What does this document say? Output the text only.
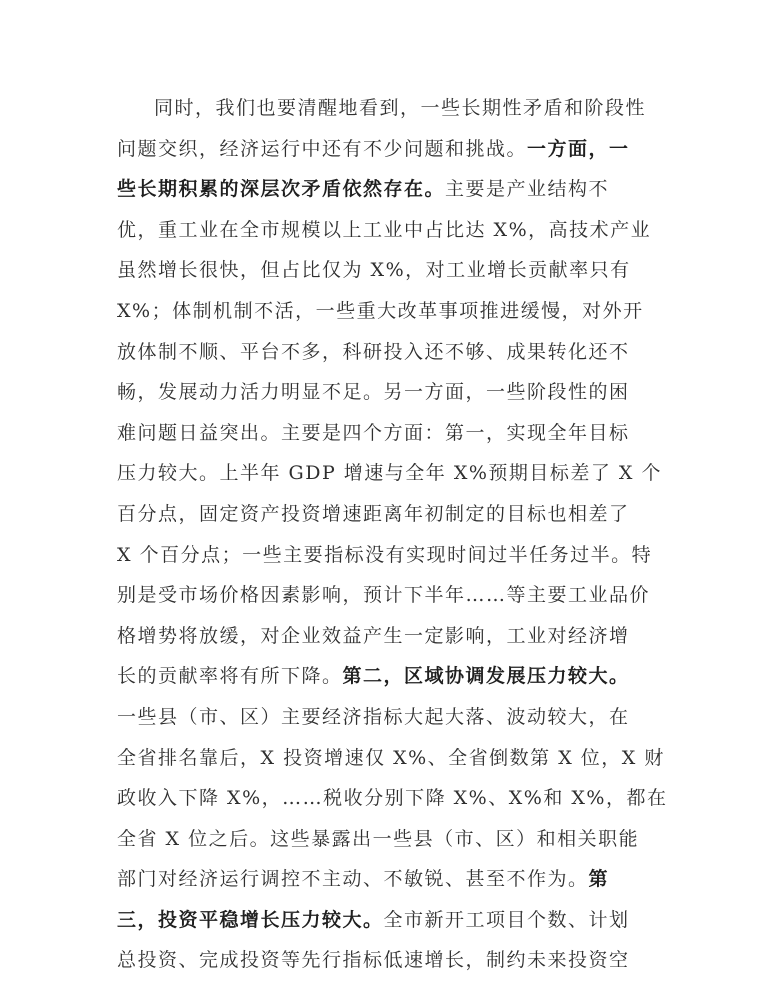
同时，我们也要清醒地看到，一些长期性矛盾和阶段性
问题交织，经济运行中还有不少问题和挑战。一方面，一
些长期积累的深层次矛盾依然存在。主要是产业结构不
优，重工业在全市规模以上工业中占比达 X%，高技术产业
虽然增长很快，但占比仅为 X%，对工业增长贡献率只有
X%；体制机制不活，一些重大改革事项推进缓慢，对外开
放体制不顺、平台不多，科研投入还不够、成果转化还不
畅，发展动力活力明显不足。另一方面，一些阶段性的困
难问题日益突出。主要是四个方面：第一，实现全年目标
压力较大。上半年 GDP 增速与全年 X%预期目标差了 X 个
百分点，固定资产投资增速距离年初制定的目标也相差了
X 个百分点；一些主要指标没有实现时间过半任务过半。特
别是受市场价格因素影响，预计下半年……等主要工业品价
格增势将放缓，对企业效益产生一定影响，工业对经济增
长的贡献率将有所下降。第二，区域协调发展压力较大。
一些县（市、区）主要经济指标大起大落、波动较大，在
全省排名靠后，X 投资增速仅 X%、全省倒数第 X 位，X 财
政收入下降 X%，……税收分别下降 X%、X%和 X%，都在
全省 X 位之后。这些暴露出一些县（市、区）和相关职能
部门对经济运行调控不主动、不敏锐、甚至不作为。第
三，投资平稳增长压力较大。全市新开工项目个数、计划
总投资、完成投资等先行指标低速增长，制约未来投资空
